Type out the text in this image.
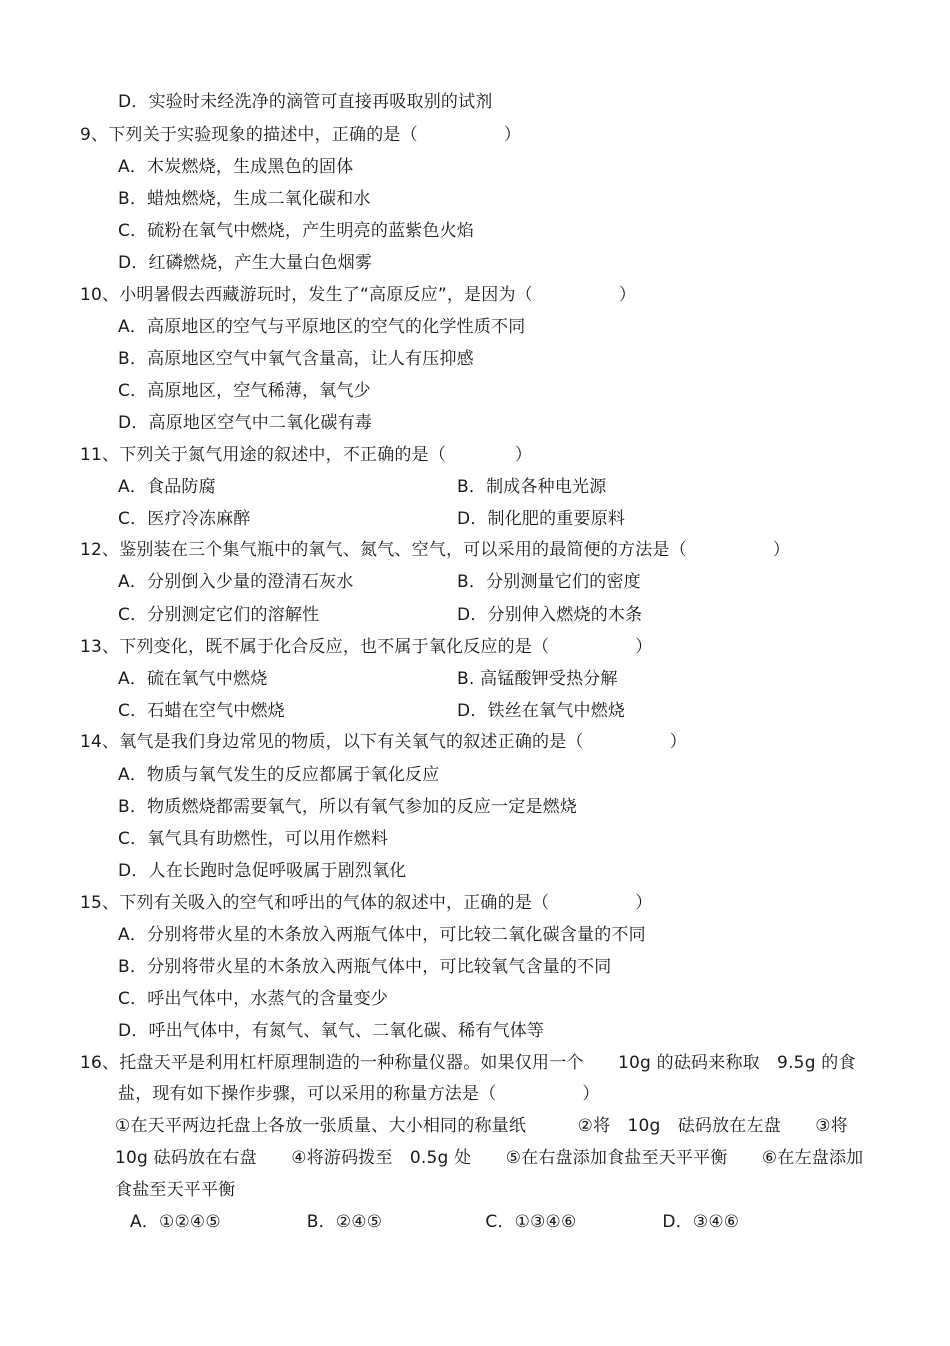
D．实验时未经洗净的滴管可直接再吸取别的试剂
9、下列关于实验现象的描述中，正确的是（　　　　　）
A．木炭燃烧，生成黑色的固体
B．蜡烛燃烧，生成二氧化碳和水
C．硫粉在氧气中燃烧，产生明亮的蓝紫色火焰
D．红磷燃烧，产生大量白色烟雾
10、小明暑假去西藏游玩时，发生了“高原反应”，是因为（　　　　　）
A．高原地区的空气与平原地区的空气的化学性质不同
B．高原地区空气中氧气含量高，让人有压抑感
C．高原地区，空气稀薄，氧气少
D．高原地区空气中二氧化碳有毒
11、下列关于氮气用途的叙述中，不正确的是（　　　　）
A．食品防腐	B．制成各种电光源
C．医疗冷冻麻醉	D．制化肥的重要原料
12、鉴别装在三个集气瓶中的氧气、氮气、空气，可以采用的最简便的方法是（　　　　　）
A．分别倒入少量的澄清石灰水	B．分别测量它们的密度
C．分别测定它们的溶解性	D．分别伸入燃烧的木条
13、下列变化，既不属于化合反应，也不属于氧化反应的是（　　　　　）
A．硫在氧气中燃烧	B. 高锰酸钾受热分解
C．石蜡在空气中燃烧	D．铁丝在氧气中燃烧
14、氧气是我们身边常见的物质，以下有关氧气的叙述正确的是（　　　　　）
A．物质与氧气发生的反应都属于氧化反应
B．物质燃烧都需要氧气，所以有氧气参加的反应一定是燃烧
C．氧气具有助燃性，可以用作燃料
D．人在长跑时急促呼吸属于剧烈氧化
15、下列有关吸入的空气和呼出的气体的叙述中，正确的是（　　　　　）
A．分别将带火星的木条放入两瓶气体中，可比较二氧化碳含量的不同
B．分别将带火星的木条放入两瓶气体中，可比较氧气含量的不同
C．呼出气体中，水蒸气的含量变少
D．呼出气体中，有氮气、氧气、二氧化碳、稀有气体等
16、托盘天平是利用杠杆原理制造的一种称量仪器。如果仅用一个　　10g 的砝码来称取　9.5g 的食
盐，现有如下操作步骤，可以采用的称量方法是（　　　　　）
①在天平两边托盘上各放一张质量、大小相同的称量纸　　　②将　10g　砝码放在左盘　　③将
10g 砝码放在右盘　　④将游码拨至　0.5g 处　　⑤在右盘添加食盐至天平平衡　　⑥在左盘添加
食盐至天平平衡
A．①②④⑤　　　　　B．②④⑤　　　　　　C．①③④⑥　　　　　D．③④⑥
